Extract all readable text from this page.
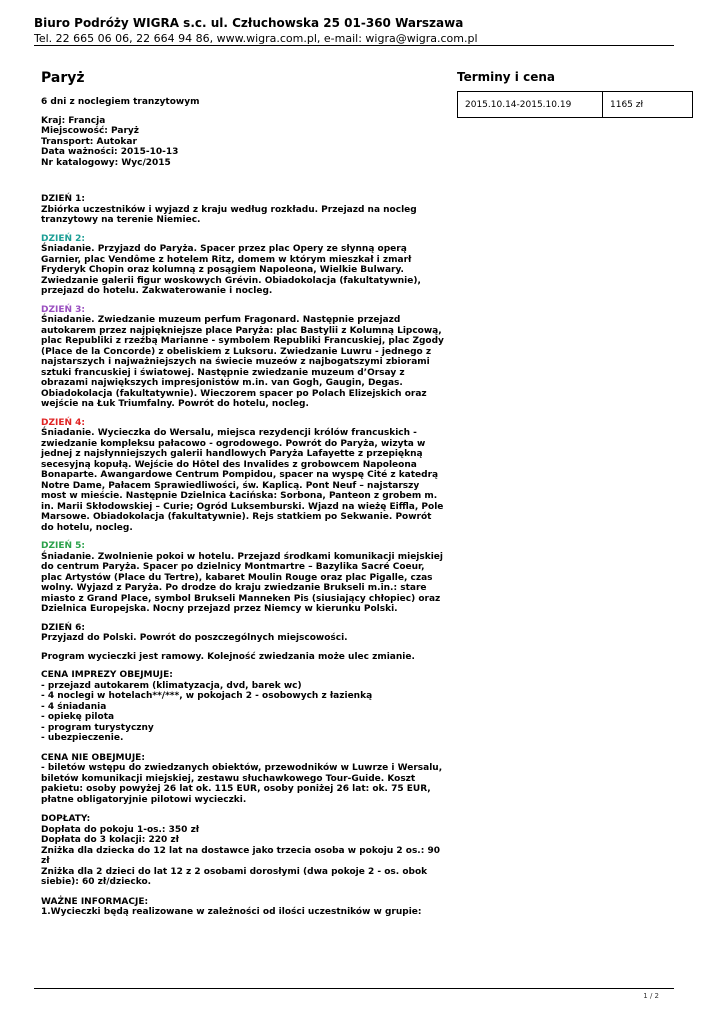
Biuro Podróży WIGRA s.c. ul. Człuchowska 25 01-360 Warszawa
Tel. 22 665 06 06, 22 664 94 86, www.wigra.com.pl, e-mail: wigra@wigra.com.pl
Paryż
6 dni z noclegiem tranzytowym
Kraj: Francja
Miejscowość: Paryż
Transport: Autokar
Data ważności: 2015-10-13
Nr katalogowy: Wyc/2015
DZIEŃ 1:
Zbiórka uczestników i wyjazd z kraju według rozkładu. Przejazd na nocleg tranzytowy na terenie Niemiec.
DZIEŃ 2:
Śniadanie. Przyjazd do Paryża. Spacer przez plac Opery ze słynną operą Garnier, plac Vendôme z hotelem Ritz, domem w którym mieszkał i zmarł Fryderyk Chopin oraz kolumną z posągiem Napoleona, Wielkie Bulwary. Zwiedzanie galerii figur woskowych Grévin. Obiadokolacja (fakultatywnie), przejazd do hotelu. Zakwaterowanie i nocleg.
DZIEŃ 3:
Śniadanie. Zwiedzanie muzeum perfum Fragonard. Następnie przejazd autokarem przez najpiękniejsze place Paryża: plac Bastylii z Kolumną Lipcową, plac Republiki z rzeźbą Marianne - symbolem Republiki Francuskiej, plac Zgody (Place de la Concorde) z obeliskiem z Luksoru. Zwiedzanie Luwru - jednego z najstarszych i najważniejszych na świecie muzeów z najbogatszymi zbiorami sztuki francuskiej i światowej. Następnie zwiedzanie muzeum d’Orsay z obrazami największych impresjonistów m.in. van Gogh, Gaugin, Degas. Obiadokolacja (fakultatywnie). Wieczorem spacer po Polach Elizejskich oraz wejście na Łuk Triumfalny. Powrót do hotelu, nocleg.
DZIEŃ 4:
Śniadanie. Wycieczka do Wersalu, miejsca rezydencji królów francuskich - zwiedzanie kompleksu pałacowo - ogrodowego. Powrót do Paryża, wizyta w jednej z najsłynniejszych galerii handlowych Paryża Lafayette z przepiękną secesyjną kopułą. Wejście do Hôtel des Invalides z grobowcem Napoleona Bonaparte. Awangardowe Centrum Pompidou, spacer na wyspę Cité z katedrą Notre Dame, Pałacem Sprawiedliwości, św. Kaplicą. Pont Neuf – najstarszy most w mieście. Następnie Dzielnica Łacińska: Sorbona, Panteon z grobem m. in. Marii Skłodowskiej – Curie; Ogród Luksemburski. Wjazd na wieżę Eiffla, Pole Marsowe. Obiadokolacja (fakultatywnie). Rejs statkiem po Sekwanie. Powrót do hotelu, nocleg.
DZIEŃ 5:
Śniadanie. Zwolnienie pokoi w hotelu. Przejazd środkami komunikacji miejskiej do centrum Paryża. Spacer po dzielnicy Montmartre – Bazylika Sacré Coeur, plac Artystów (Place du Tertre), kabaret Moulin Rouge oraz plac Pigalle, czas wolny. Wyjazd z Paryża. Po drodze do kraju zwiedzanie Brukseli m.in.: stare miasto z Grand Place, symbol Brukseli Manneken Pis (siusiający chłopiec) oraz Dzielnica Europejska. Nocny przejazd przez Niemcy w kierunku Polski.
DZIEŃ 6:
Przyjazd do Polski. Powrót do poszczególnych miejscowości.
Program wycieczki jest ramowy. Kolejność zwiedzania może ulec zmianie.
CENA IMPREZY OBEJMUJE:
- przejazd autokarem (klimatyzacja, dvd, barek wc)
- 4 noclegi w hotelach**/***, w pokojach 2 - osobowych z łazienką
- 4 śniadania
- opiekę pilota
- program turystyczny
- ubezpieczenie.
CENA NIE OBEJMUJE:
- biletów wstępu do zwiedzanych obiektów, przewodników w Luwrze i Wersalu, biletów komunikacji miejskiej, zestawu słuchawkowego Tour-Guide. Koszt pakietu: osoby powyżej 26 lat ok. 115 EUR, osoby poniżej 26 lat: ok. 75 EUR, płatne obligatoryjnie pilotowi wycieczki.
DOPŁATY:
Dopłata do pokoju 1-os.: 350 zł
Dopłata do 3 kolacji: 220 zł
Zniżka dla dziecka do 12 lat na dostawce jako trzecia osoba w pokoju 2 os.: 90 zł
Zniżka dla 2 dzieci do lat 12 z 2 osobami dorosłymi (dwa pokoje 2 - os. obok siebie): 60 zł/dziecko.
WAŻNE INFORMACJE:
1.Wycieczki będą realizowane w zależności od ilości uczestników w grupie:
Terminy i cena
2015.10.14-2015.10.19	1165 zł
1 / 2
